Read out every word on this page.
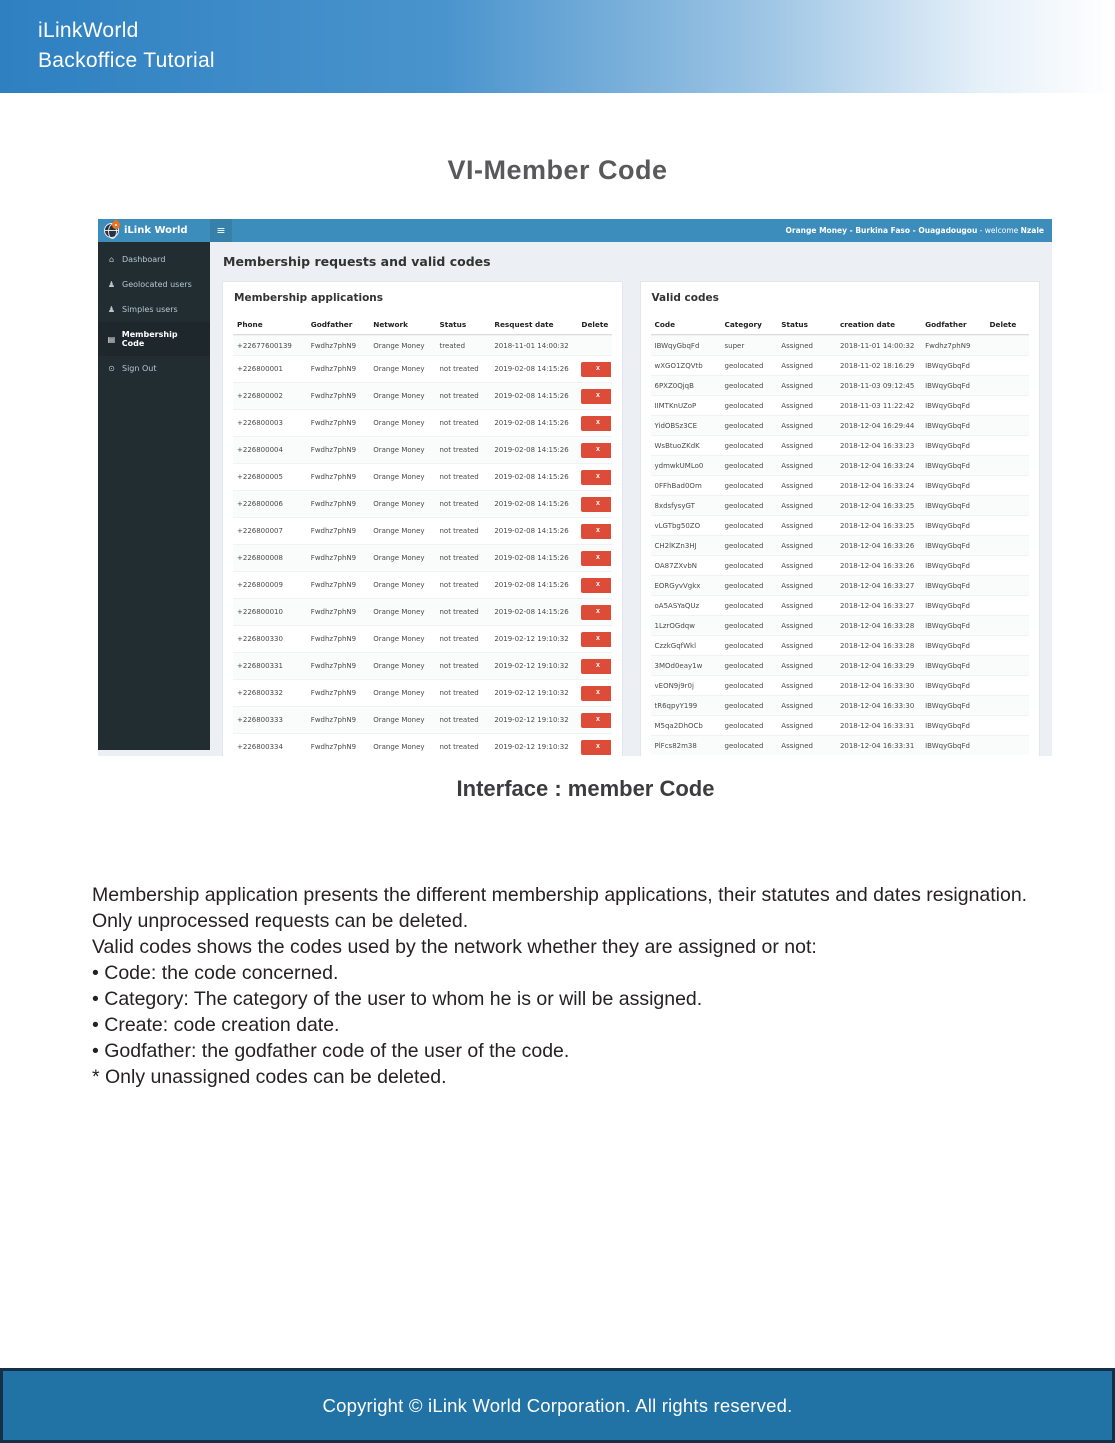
iLinkWorld
Backoffice Tutorial
VI-Member Code
iLink World	≡	Orange Money - Burkina Faso - Ouagadougou - welcome Nzale
⌂ Dashboard
♟ Geolocated users
♟ Simples users
▤ Membership Code
⊙ Sign Out
Membership requests and valid codes
Membership applications
Phone	Godfather	Network	Status	Resquest date	Delete
+22677600139	Fwdhz7phN9	Orange Money	treated	2018-11-01 14:00:32
+226800001	Fwdhz7phN9	Orange Money	not treated	2019-02-08 14:15:26	x
+226800002	Fwdhz7phN9	Orange Money	not treated	2019-02-08 14:15:26	x
+226800003	Fwdhz7phN9	Orange Money	not treated	2019-02-08 14:15:26	x
+226800004	Fwdhz7phN9	Orange Money	not treated	2019-02-08 14:15:26	x
+226800005	Fwdhz7phN9	Orange Money	not treated	2019-02-08 14:15:26	x
+226800006	Fwdhz7phN9	Orange Money	not treated	2019-02-08 14:15:26	x
+226800007	Fwdhz7phN9	Orange Money	not treated	2019-02-08 14:15:26	x
+226800008	Fwdhz7phN9	Orange Money	not treated	2019-02-08 14:15:26	x
+226800009	Fwdhz7phN9	Orange Money	not treated	2019-02-08 14:15:26	x
+226800010	Fwdhz7phN9	Orange Money	not treated	2019-02-08 14:15:26	x
+226800330	Fwdhz7phN9	Orange Money	not treated	2019-02-12 19:10:32	x
+226800331	Fwdhz7phN9	Orange Money	not treated	2019-02-12 19:10:32	x
+226800332	Fwdhz7phN9	Orange Money	not treated	2019-02-12 19:10:32	x
+226800333	Fwdhz7phN9	Orange Money	not treated	2019-02-12 19:10:32	x
+226800334	Fwdhz7phN9	Orange Money	not treated	2019-02-12 19:10:32	x
Valid codes
Code	Category	Status	creation date	Godfather	Delete
IBWqyGbqFd	super	Assigned	2018-11-01 14:00:32	Fwdhz7phN9
wXGO1ZQVtb	geolocated	Assigned	2018-11-02 18:16:29	IBWqyGbqFd
6PXZ0QjqB	geolocated	Assigned	2018-11-03 09:12:45	IBWqyGbqFd
IIMTKnUZoP	geolocated	Assigned	2018-11-03 11:22:42	IBWqyGbqFd
YidOBSz3CE	geolocated	Assigned	2018-12-04 16:29:44	IBWqyGbqFd
WsBtuoZKdK	geolocated	Assigned	2018-12-04 16:33:23	IBWqyGbqFd
ydmwkUMLo0	geolocated	Assigned	2018-12-04 16:33:24	IBWqyGbqFd
0FFhBad0Om	geolocated	Assigned	2018-12-04 16:33:24	IBWqyGbqFd
8xdsfysyGT	geolocated	Assigned	2018-12-04 16:33:25	IBWqyGbqFd
vLGTbg50ZO	geolocated	Assigned	2018-12-04 16:33:25	IBWqyGbqFd
CH2lKZn3HJ	geolocated	Assigned	2018-12-04 16:33:26	IBWqyGbqFd
OA87ZXvbN	geolocated	Assigned	2018-12-04 16:33:26	IBWqyGbqFd
EORGyvVgkx	geolocated	Assigned	2018-12-04 16:33:27	IBWqyGbqFd
oA5ASYaQUz	geolocated	Assigned	2018-12-04 16:33:27	IBWqyGbqFd
1LzrOGdqw	geolocated	Assigned	2018-12-04 16:33:28	IBWqyGbqFd
CzzkGqfWkl	geolocated	Assigned	2018-12-04 16:33:28	IBWqyGbqFd
3MOd0eay1w	geolocated	Assigned	2018-12-04 16:33:29	IBWqyGbqFd
vEON9j9r0j	geolocated	Assigned	2018-12-04 16:33:30	IBWqyGbqFd
tR6qpyY199	geolocated	Assigned	2018-12-04 16:33:30	IBWqyGbqFd
M5qa2DhOCb	geolocated	Assigned	2018-12-04 16:33:31	IBWqyGbqFd
PlFcs82m38	geolocated	Assigned	2018-12-04 16:33:31	IBWqyGbqFd
Interface : member Code
Membership application presents the different membership applications, their statutes and dates resignation. Only unprocessed requests can be deleted.
Valid codes shows the codes used by the network whether they are assigned or not:
• Code: the code concerned.
• Category: The category of the user to whom he is or will be assigned.
• Create: code creation date.
• Godfather: the godfather code of the user of the code.
* Only unassigned codes can be deleted.
Copyright © iLink World Corporation. All rights reserved.
